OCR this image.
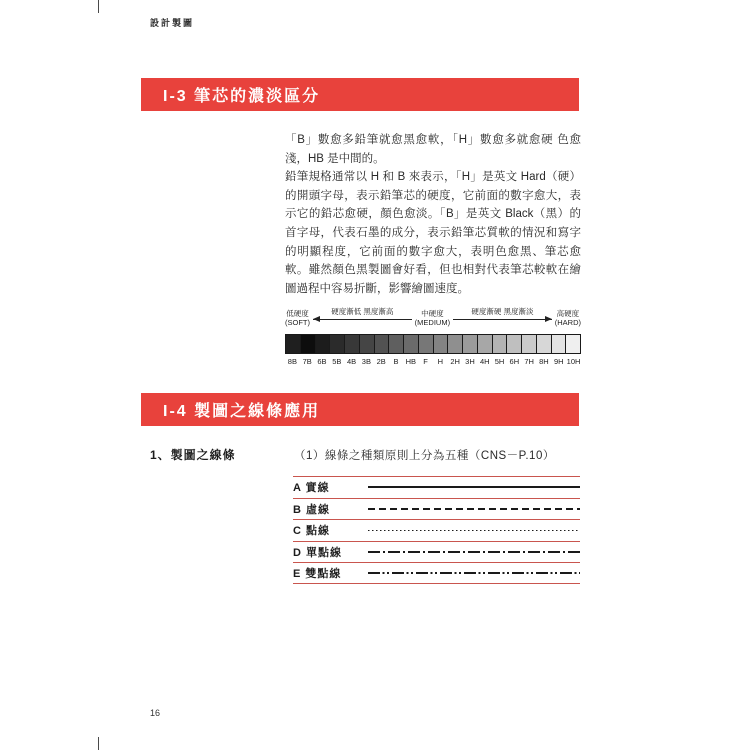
設計製圖
I-3 筆芯的濃淡區分

「B」數愈多鉛筆就愈黑愈軟，「H」數愈多就愈硬 色愈淺，HB 是中間的。

鉛筆規格通常以 H 和 B 來表示，「H」是英文 Hard（硬）的開頭字母，表示鉛筆芯的硬度，它前面的數字愈大，表示它的鉛芯愈硬，顏色愈淡。「B」是英文 Black（黑）的首字母，代表石墨的成分，表示鉛筆芯質軟的情況和寫字的明顯程度，它前面的數字愈大，表明色愈黑、筆芯愈軟。雖然顏色黑製圖會好看，但也相對代表筆芯較軟在繪圖過程中容易折斷，影響繪圖速度。

低硬度
(SOFT)
硬度漸低 黑度漸高	中硬度
(MEDIUM)
硬度漸硬 黑度漸淡	高硬度
(HARD)
8B 7B 6B 5B 4B 3B 2B	B HB F	H 2H 3H 4H 5H 6H 7H 8H 9H 10H
I-4 製圖之線條應用
1、製圖之線條	（1）線條之種類原則上分為五種（CNS－P.10）
A 實線
B 虛線
C 點線
D 單點線
E 雙點線
16
